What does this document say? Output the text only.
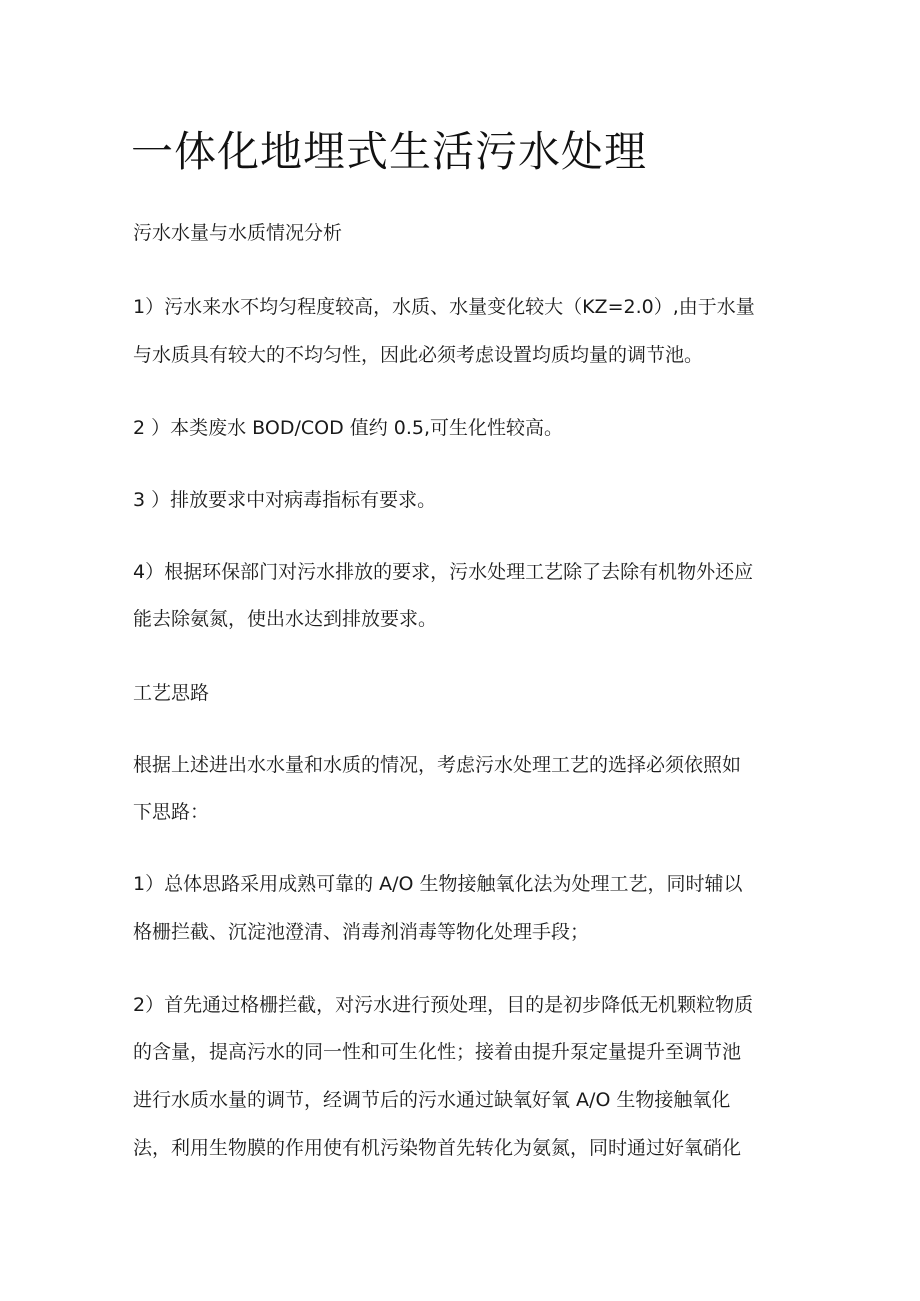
一体化地埋式生活污水处理
污水水量与水质情况分析
1）污水来水不均匀程度较高，水质、水量变化较大（KZ=2.0）,由于水量
与水质具有较大的不均匀性，因此必须考虑设置均质均量的调节池。
2 ）本类废水 BOD/COD 值约 0.5,可生化性较高。
3 ）排放要求中对病毒指标有要求。
4）根据环保部门对污水排放的要求，污水处理工艺除了去除有机物外还应
能去除氨氮，使出水达到排放要求。
工艺思路
根据上述进出水水量和水质的情况，考虑污水处理工艺的选择必须依照如
下思路：
1）总体思路采用成熟可靠的 A/O 生物接触氧化法为处理工艺，同时辅以
格栅拦截、沉淀池澄清、消毒剂消毒等物化处理手段；
2）首先通过格栅拦截，对污水进行预处理，目的是初步降低无机颗粒物质
的含量，提高污水的同一性和可生化性；接着由提升泵定量提升至调节池
进行水质水量的调节，经调节后的污水通过缺氧好氧 A/O 生物接触氧化
法，利用生物膜的作用使有机污染物首先转化为氨氮，同时通过好氧硝化
